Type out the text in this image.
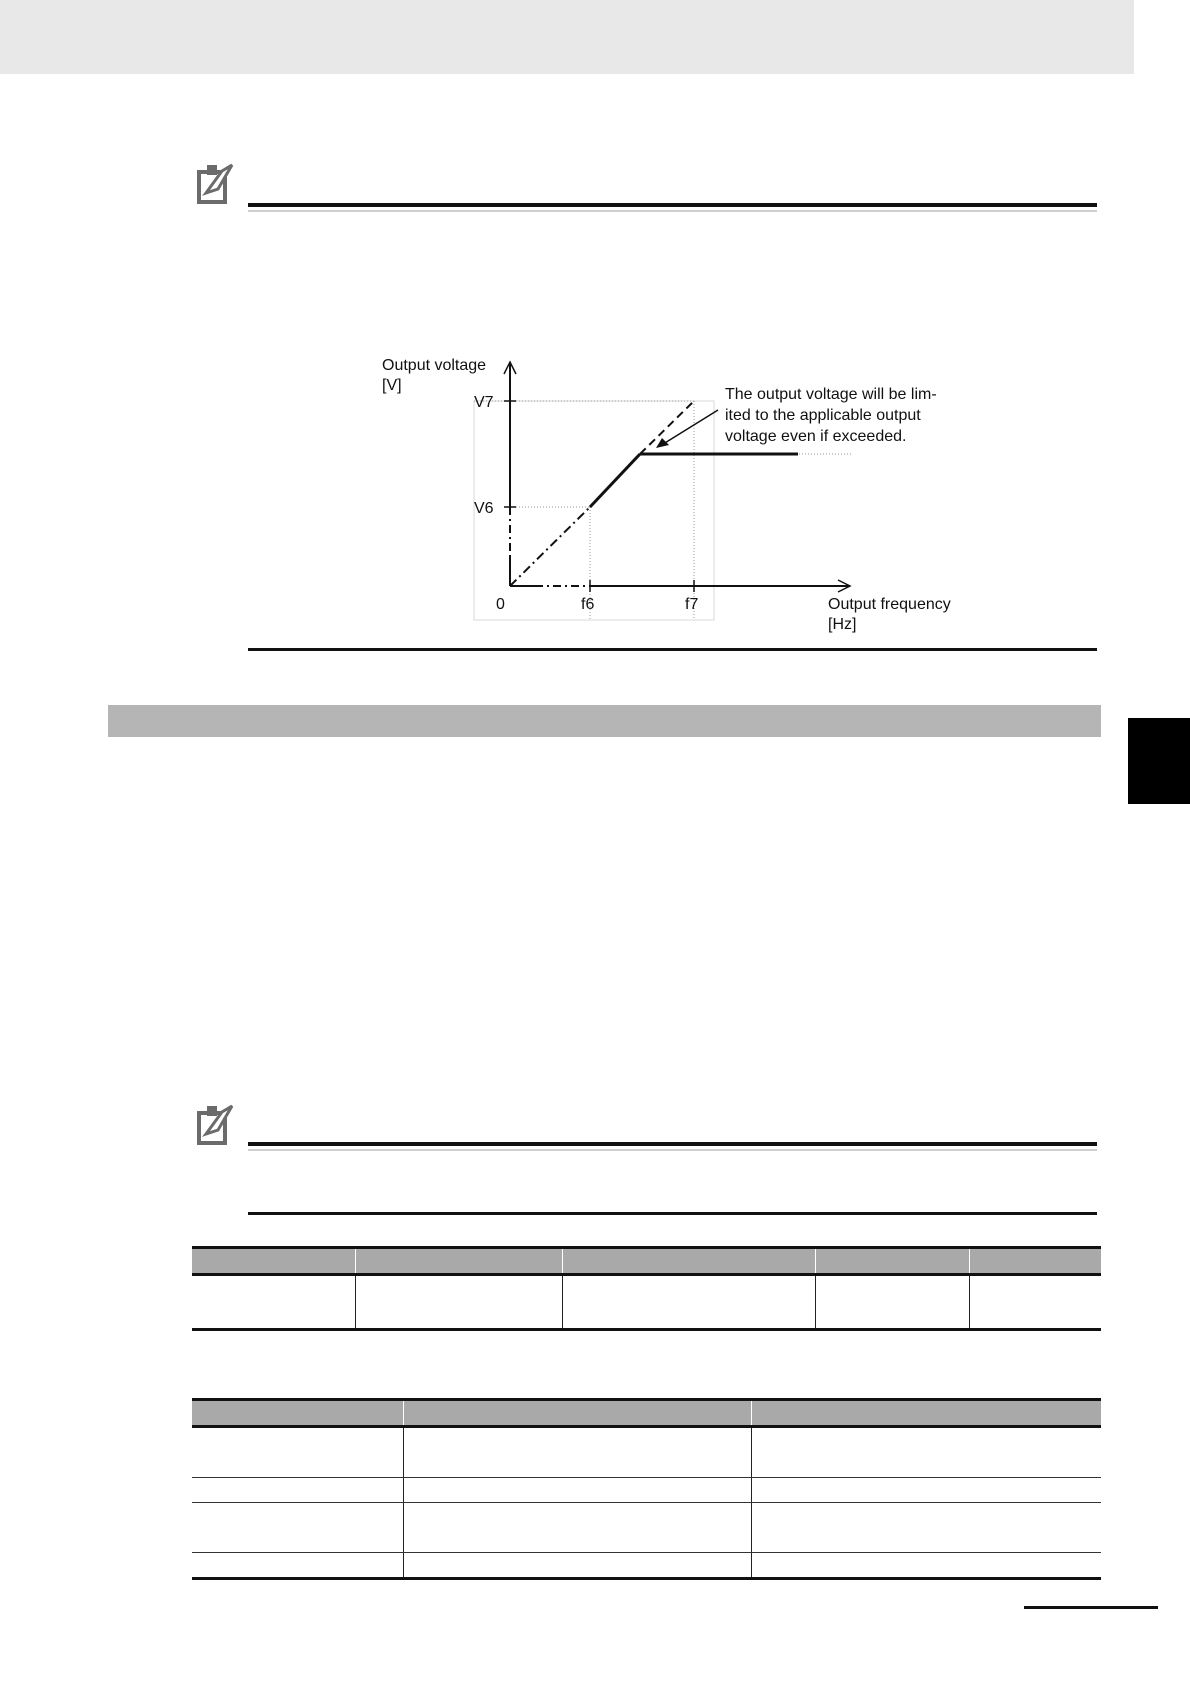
Output voltage [V]
Output frequency [Hz]
V7
V6
0	f6	f7
The output voltage will be lim-ited to the applicable output voltage even if exceeded.
